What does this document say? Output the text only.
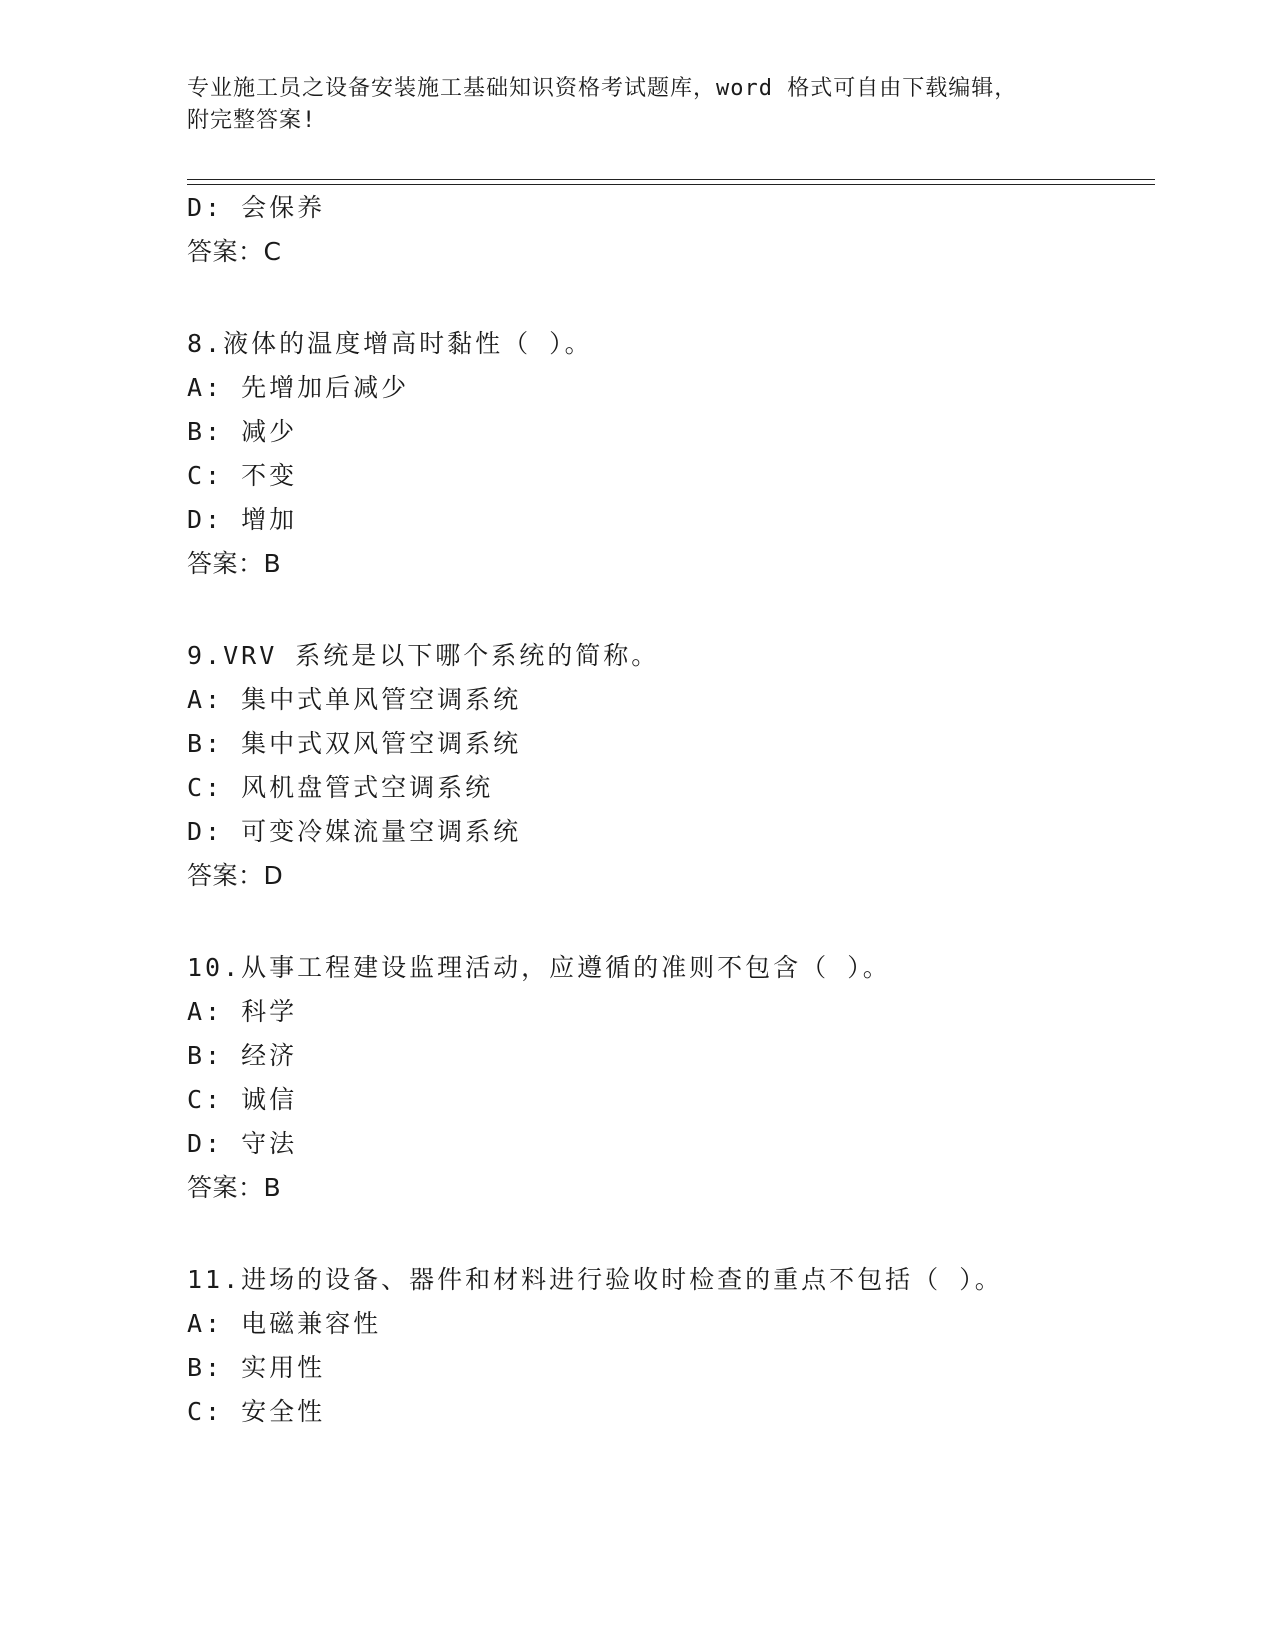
专业施工员之设备安装施工基础知识资格考试题库，word 格式可自由下载编辑，
附完整答案!
D: 会保养
答案：C
8.液体的温度增高时黏性（ ）。
A: 先增加后减少
B: 减少
C: 不变
D: 增加
答案：B
9.VRV 系统是以下哪个系统的简称。
A: 集中式单风管空调系统
B: 集中式双风管空调系统
C: 风机盘管式空调系统
D: 可变冷媒流量空调系统
答案：D
10.从事工程建设监理活动，应遵循的准则不包含（ ）。
A: 科学
B: 经济
C: 诚信
D: 守法
答案：B
11.进场的设备、器件和材料进行验收时检查的重点不包括（ ）。
A: 电磁兼容性
B: 实用性
C: 安全性
